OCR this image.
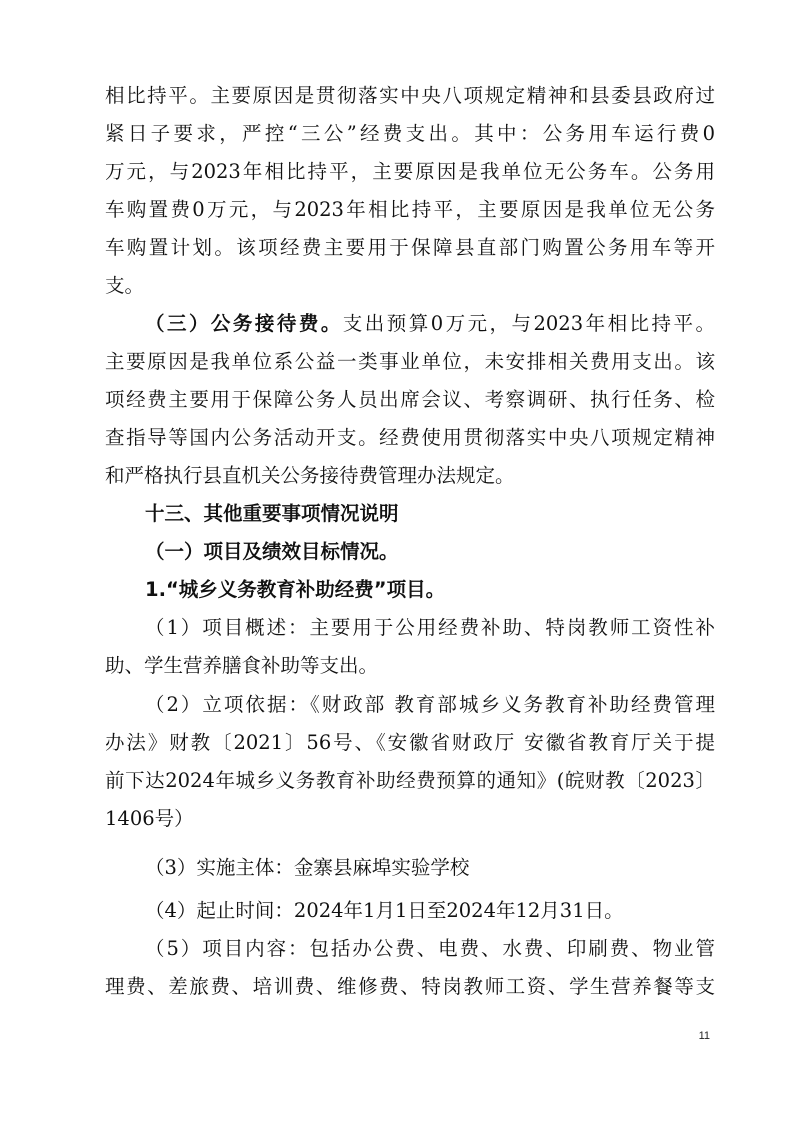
相比持平。主要原因是贯彻落实中央八项规定精神和县委县政府过
紧日子要求，严控“三公”经费支出。其中：公务用车运行费0
万元，与2023年相比持平，主要原因是我单位无公务车。公务用
车购置费0万元，与2023年相比持平，主要原因是我单位无公务
车购置计划。该项经费主要用于保障县直部门购置公务用车等开
支。
（三）公务接待费。支出预算0万元，与2023年相比持平。
主要原因是我单位系公益一类事业单位，未安排相关费用支出。该
项经费主要用于保障公务人员出席会议、考察调研、执行任务、检
查指导等国内公务活动开支。经费使用贯彻落实中央八项规定精神
和严格执行县直机关公务接待费管理办法规定。
十三、其他重要事项情况说明
（一）项目及绩效目标情况。
1.“城乡义务教育补助经费”项目。
（1）项目概述：主要用于公用经费补助、特岗教师工资性补
助、学生营养膳食补助等支出。
（2）立项依据：《财政部 教育部城乡义务教育补助经费管理
办法》财教〔2021〕56号、《安徽省财政厅 安徽省教育厅关于提
前下达2024年城乡义务教育补助经费预算的通知》(皖财教〔2023〕
1406号）
（3）实施主体：金寨县麻埠实验学校
（4）起止时间：2024年1月1日至2024年12月31日。
（5）项目内容：包括办公费、电费、水费、印刷费、物业管
理费、差旅费、培训费、维修费、特岗教师工资、学生营养餐等支
11
